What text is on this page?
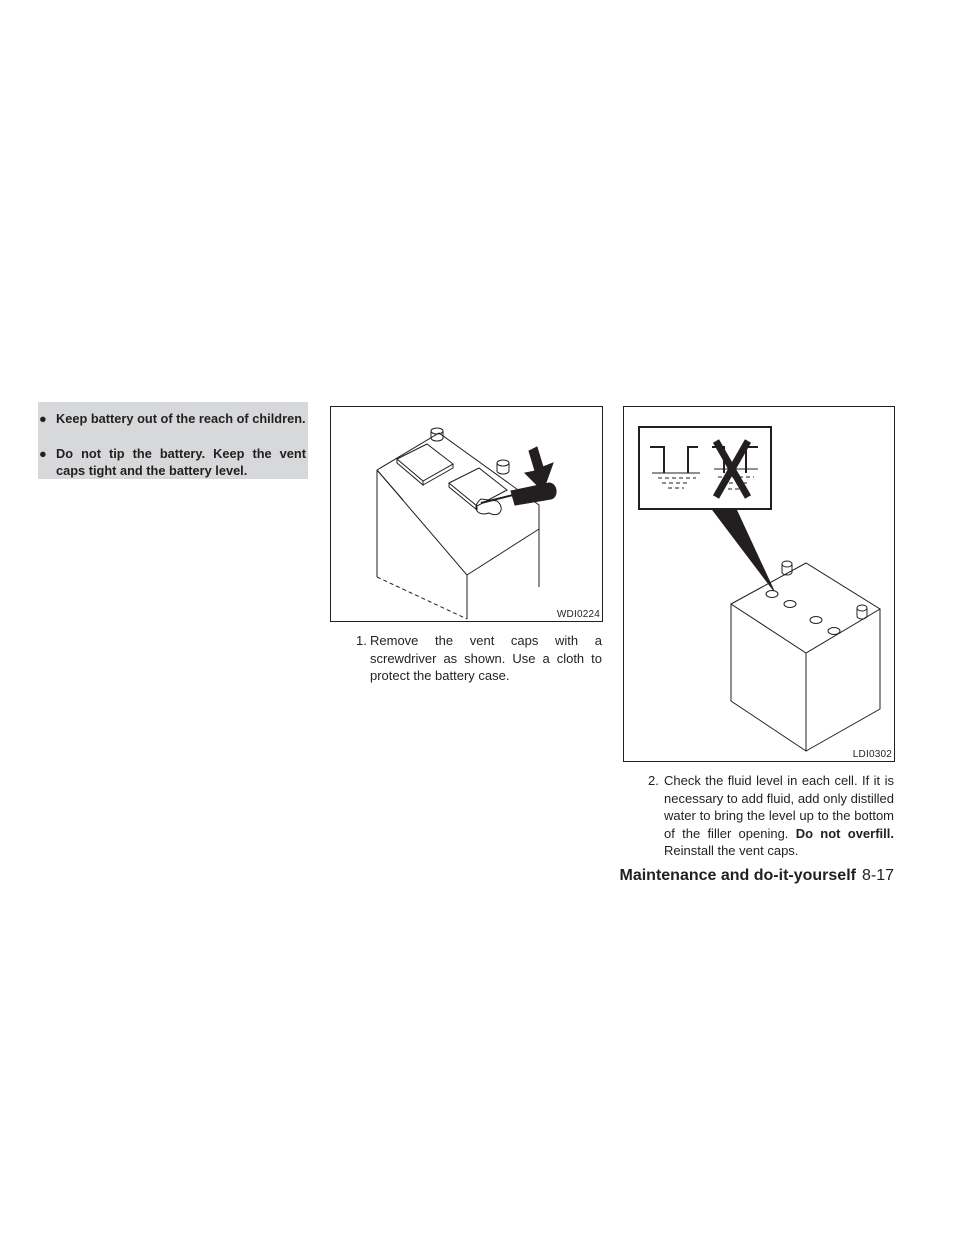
● Keep battery out of the reach of children.
● Do not tip the battery. Keep the vent caps tight and the battery level.
WDI0224
1. Remove the vent caps with a screwdriver as shown. Use a cloth to protect the battery case.
LDI0302
2. Check the fluid level in each cell. If it is necessary to add fluid, add only distilled water to bring the level up to the bottom of the filler opening. Do not overfill. Reinstall the vent caps.
Maintenance and do-it-yourself 8-17
